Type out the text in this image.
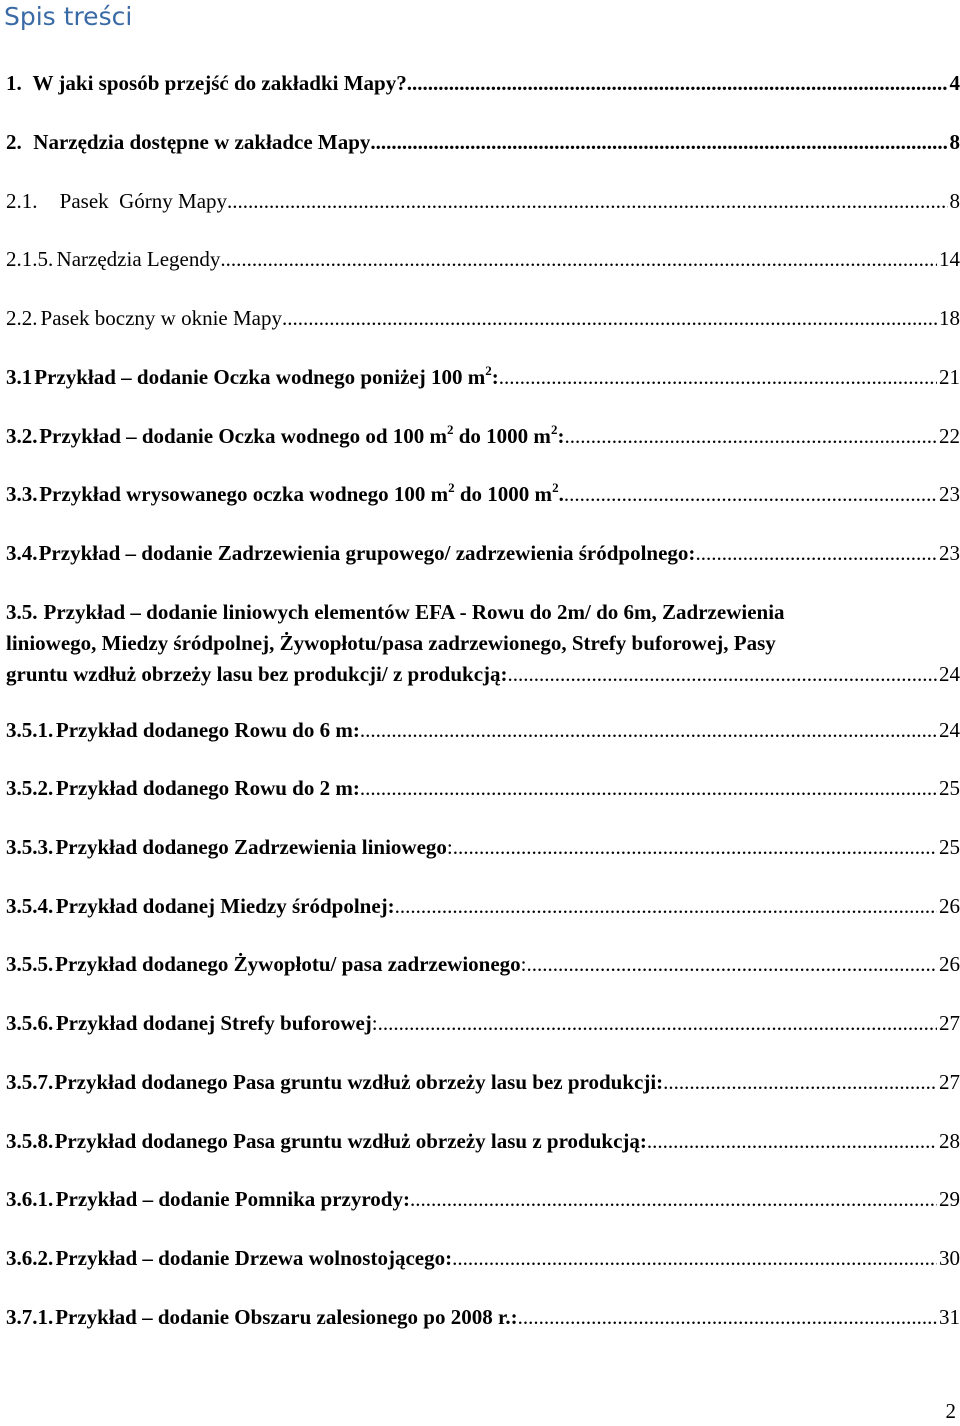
Spis treści
1. W jaki sposób przejść do zakładki Mapy? .....	4
2. Narzędzia dostępne w zakładce Mapy .....	8
2.1. Pasek  Górny Mapy .....	8
2.1.5. Narzędzia Legendy .....	14
2.2. Pasek boczny w oknie Mapy .....	18
3.1 Przykład – dodanie Oczka wodnego poniżej 100 $m^2$: .....	21
3.2. Przykład – dodanie Oczka wodnego od 100 $m^2$ do 1000 $m^2$: .....	22
3.3. Przykład wrysowanego oczka wodnego 100 $m^2$ do 1000 $m^2$. .....	23
3.4. Przykład – dodanie Zadrzewienia grupowego/ zadrzewienia śródpolnego: .....	23
3.5. Przykład – dodanie liniowych elementów EFA - Rowu do 2m/ do 6m, Zadrzewienia
liniowego, Miedzy śródpolnej, Żywopłotu/pasa zadrzewionego, Strefy buforowej, Pasy
gruntu wzdłuż obrzeży lasu bez produkcji/ z produkcją: .....	24
3.5.1. Przykład dodanego Rowu do 6 m: .....	24
3.5.2. Przykład dodanego Rowu do 2 m: .....	25
3.5.3. Przykład dodanego Zadrzewienia liniowego: .....	25
3.5.4. Przykład dodanej Miedzy śródpolnej: .....	26
3.5.5. Przykład dodanego Żywopłotu/ pasa zadrzewionego: .....	26
3.5.6. Przykład dodanej Strefy buforowej: .....	27
3.5.7. Przykład dodanego Pasa gruntu wzdłuż obrzeży lasu bez produkcji: .....	27
3.5.8. Przykład dodanego Pasa gruntu wzdłuż obrzeży lasu z produkcją: .....	28
3.6.1. Przykład – dodanie Pomnika przyrody: .....	29
3.6.2. Przykład – dodanie Drzewa wolnostojącego: .....	30
3.7.1. Przykład – dodanie Obszaru zalesionego po 2008 r.: .....	31
2
